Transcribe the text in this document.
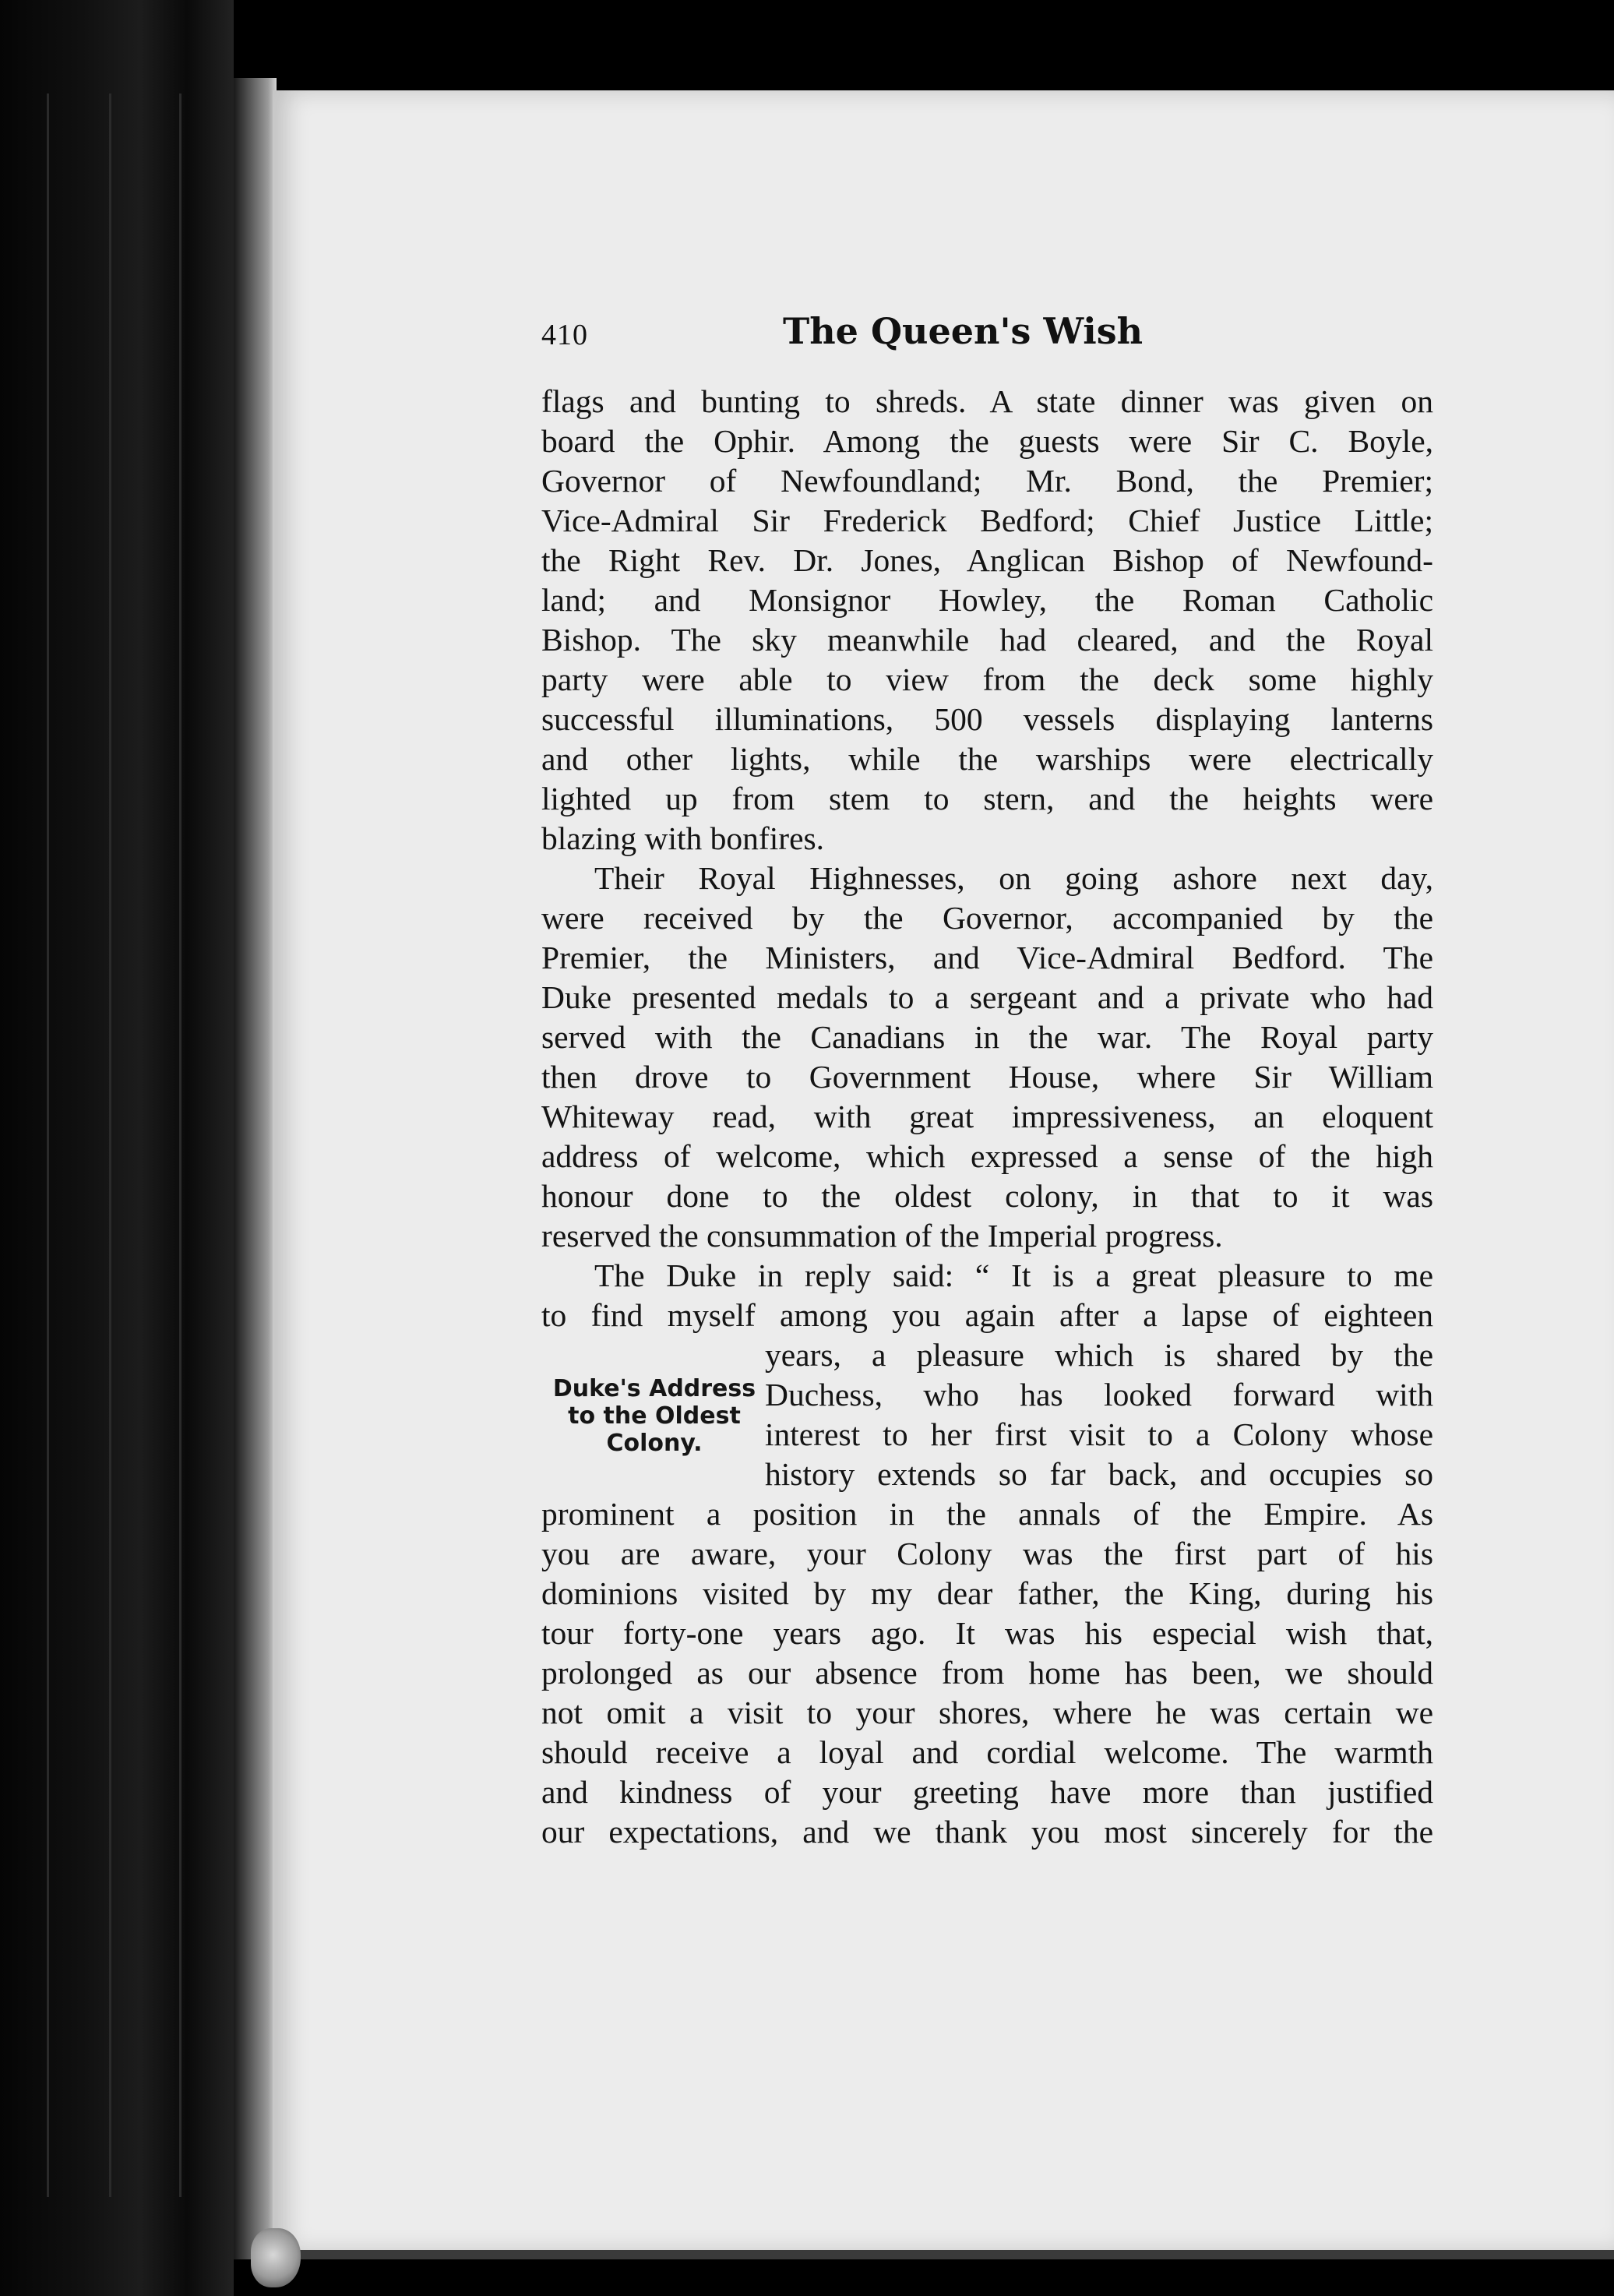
410	The Queen's Wish
flags and bunting to shreds. A state dinner was given on
board the Ophir. Among the guests were Sir C. Boyle,
Governor of Newfoundland; Mr. Bond, the Premier;
Vice-Admiral Sir Frederick Bedford; Chief Justice Little;
the Right Rev. Dr. Jones, Anglican Bishop of Newfound-
land; and Monsignor Howley, the Roman Catholic
Bishop. The sky meanwhile had cleared, and the Royal
party were able to view from the deck some highly
successful illuminations, 500 vessels displaying lanterns
and other lights, while the warships were electrically
lighted up from stem to stern, and the heights were
blazing with bonfires.
Their Royal Highnesses, on going ashore next day,
were received by the Governor, accompanied by the
Premier, the Ministers, and Vice-Admiral Bedford. The
Duke presented medals to a sergeant and a private who had
served with the Canadians in the war. The Royal party
then drove to Government House, where Sir William
Whiteway read, with great impressiveness, an eloquent
address of welcome, which expressed a sense of the high
honour done to the oldest colony, in that to it was
reserved the consummation of the Imperial progress.
The Duke in reply said: “ It is a great pleasure to me
to find myself among you again after a lapse of eighteen
years, a pleasure which is shared by the
Duchess, who has looked forward with
interest to her first visit to a Colony whose
history extends so far back, and occupies so
prominent a position in the annals of the Empire. As
you are aware, your Colony was the first part of his
dominions visited by my dear father, the King, during his
tour forty-one years ago. It was his especial wish that,
prolonged as our absence from home has been, we should
not omit a visit to your shores, where he was certain we
should receive a loyal and cordial welcome. The warmth
and kindness of your greeting have more than justified
our expectations, and we thank you most sincerely for the
Duke's Address
to the Oldest
Colony.
